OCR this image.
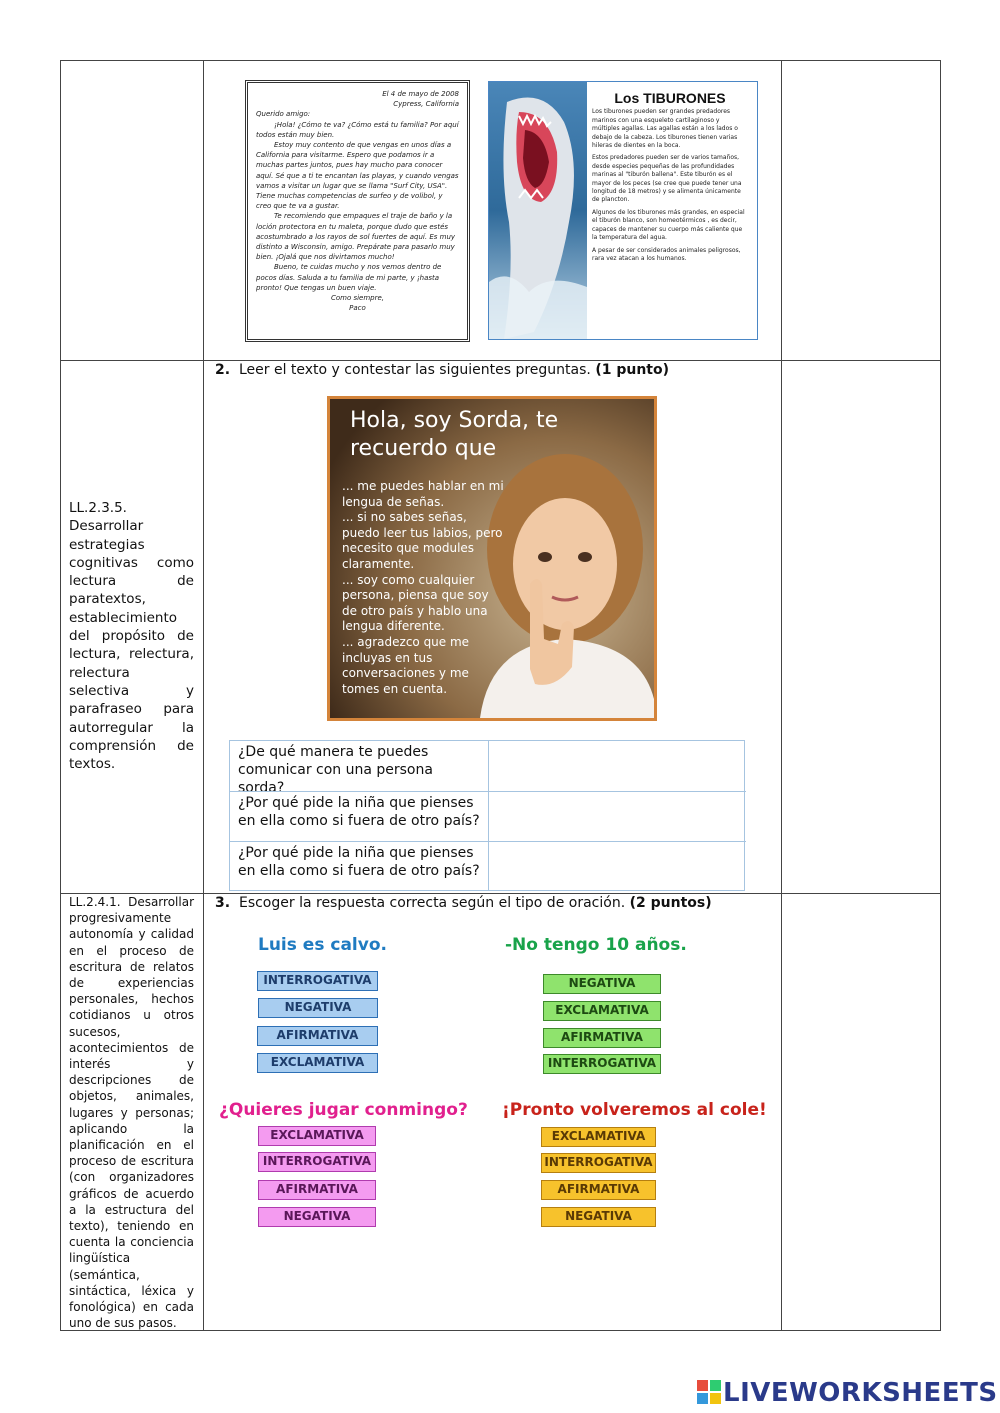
El 4 de mayo de 2008
Cypress, California
Querido amigo:

¡Hola! ¿Cómo te va? ¿Cómo está tu familia? Por aquí todos están muy bien.

Estoy muy contento de que vengas en unos días a California para visitarme. Espero que podamos ir a muchas partes juntos, pues hay mucho para conocer aquí. Sé que a ti te encantan las playas, y cuando vengas vamos a visitar un lugar que se llama "Surf City, USA". Tiene muchas competencias de surfeo y de volibol, y creo que te va a gustar.

Te recomiendo que empaques el traje de baño y la loción protectora en tu maleta, porque dudo que estés acostumbrado a los rayos de sol fuertes de aquí. Es muy distinto a Wisconsin, amigo. Prepárate para pasarlo muy bien. ¡Ojalá que nos divirtamos mucho!

Bueno, te cuidas mucho y nos vemos dentro de pocos días. Saluda a tu familia de mi parte, y ¡hasta pronto! Que tengas un buen viaje.

Como siempre,
Paco
Los TIBURONES

Los tiburones pueden ser grandes predadores marinos con una esqueleto cartilaginoso y múltiples agallas. Las agallas están a los lados o debajo de la cabeza. Los tiburones tienen varias hileras de dientes en la boca.

Estos predadores pueden ser de varios tamaños, desde especies pequeñas de las profundidades marinas al "tiburón ballena". Este tiburón es el mayor de los peces (se cree que puede tener una longitud de 18 metros) y se alimenta únicamente de plancton.

Algunos de los tiburones más grandes, en especial el tiburón blanco, son homeotérmicos , es decir, capaces de mantener su cuerpo más caliente que la temperatura del agua.

A pesar de ser considerados animales peligrosos, rara vez atacan a los humanos.

2. Leer el texto y contestar las siguientes preguntas. (1 punto)
Hola, soy Sorda, te recuerdo que
... me puedes hablar en mi lengua de señas.
... si no sabes señas, puedo leer tus labios, pero necesito que modules claramente.
... soy como cualquier persona, piensa que soy de otro país y hablo una lengua diferente.
... agradezco que me incluyas en tus conversaciones y me tomes en cuenta.
¿De qué manera te puedes comunicar con una persona sorda?
¿Por qué pide la niña que pienses en ella como si fuera de otro país?
¿Por qué pide la niña que pienses en ella como si fuera de otro país?
LL.2.3.5. Desarrollar estrategias cognitivas como lectura de paratextos, establecimiento del propósito de lectura, relectura, relectura selectiva y parafraseo para autorregular la comprensión de textos.
LL.2.4.1. Desarrollar progresivamente autonomía y calidad en el proceso de escritura de relatos de experiencias personales, hechos cotidianos u otros sucesos, acontecimientos de interés y descripciones de objetos, animales, lugares y personas; aplicando la planificación en el proceso de escritura (con organizadores gráficos de acuerdo a la estructura del texto), teniendo en cuenta la conciencia lingüística (semántica, sintáctica, léxica y fonológica) en cada uno de sus pasos.
3. Escoger la respuesta correcta según el tipo de oración. (2 puntos)
Luis es calvo.
INTERROGATIVA
NEGATIVA
AFIRMATIVA
EXCLAMATIVA
-No tengo 10 años.
NEGATIVA
EXCLAMATIVA
AFIRMATIVA
INTERROGATIVA
¿Quieres jugar conmingo?
EXCLAMATIVA
INTERROGATIVA
AFIRMATIVA
NEGATIVA
¡Pronto volveremos al cole!
EXCLAMATIVA
INTERROGATIVA
AFIRMATIVA
NEGATIVA
LIVEWORKSHEETS
